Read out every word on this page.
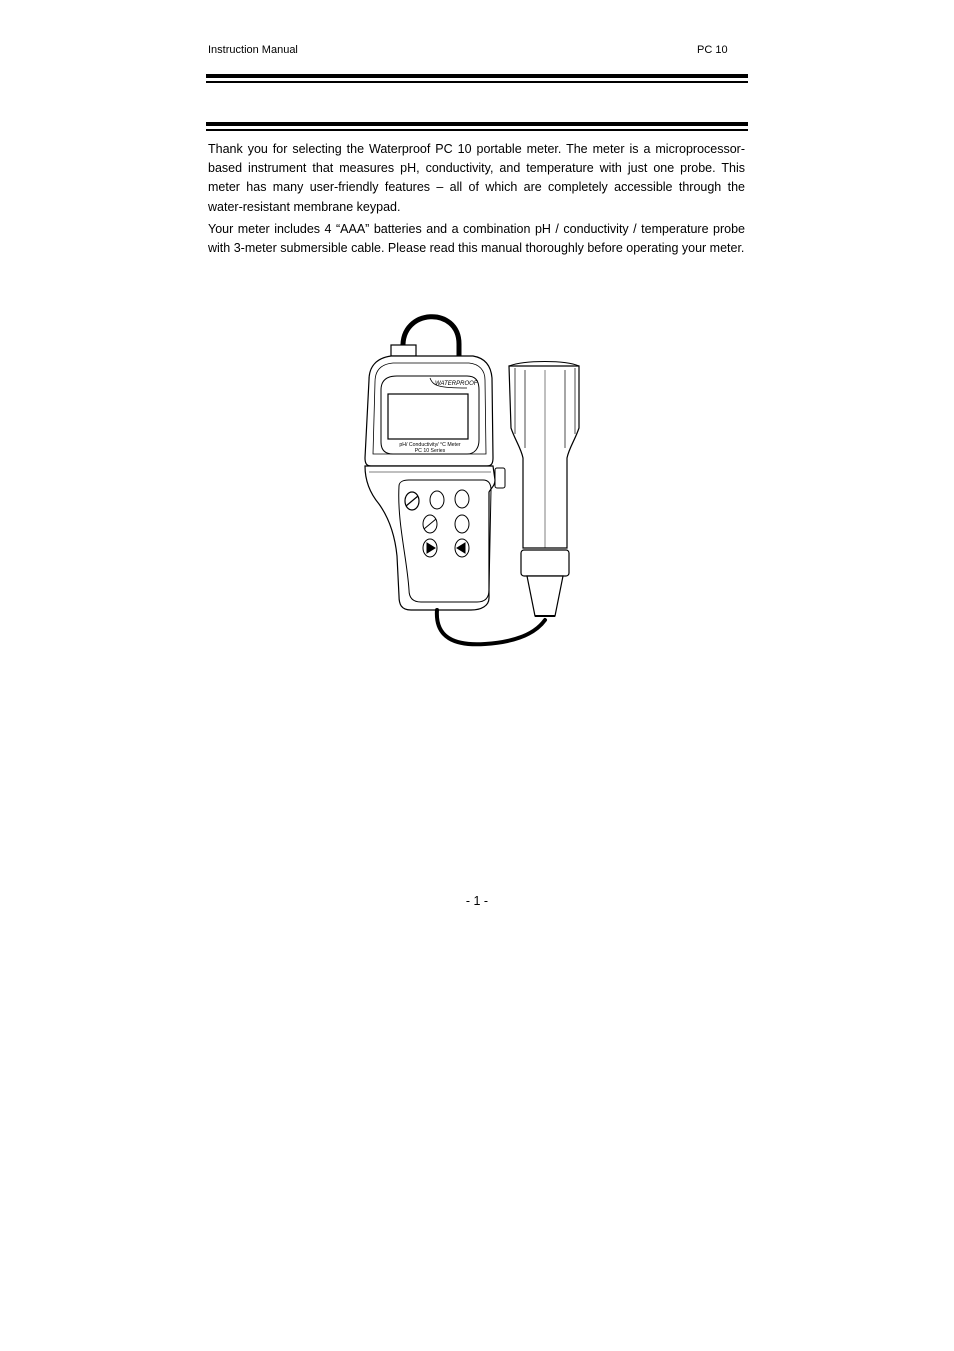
Instruction Manual	PC 10

Thank you for selecting the Waterproof PC 10 portable meter. The meter is a microprocessor-based instrument that measures pH, conductivity, and temperature with just one probe. This meter has many user-friendly features – all of which are completely accessible through the water-resistant membrane keypad.

Your meter includes 4 “AAA” batteries and a combination pH / conductivity / temperature probe with 3-meter submersible cable. Please read this manual thoroughly before operating your meter.

WATERPROOF
pH/ Conductivity/ °C Meter
PC 10 Series
- 1 -
